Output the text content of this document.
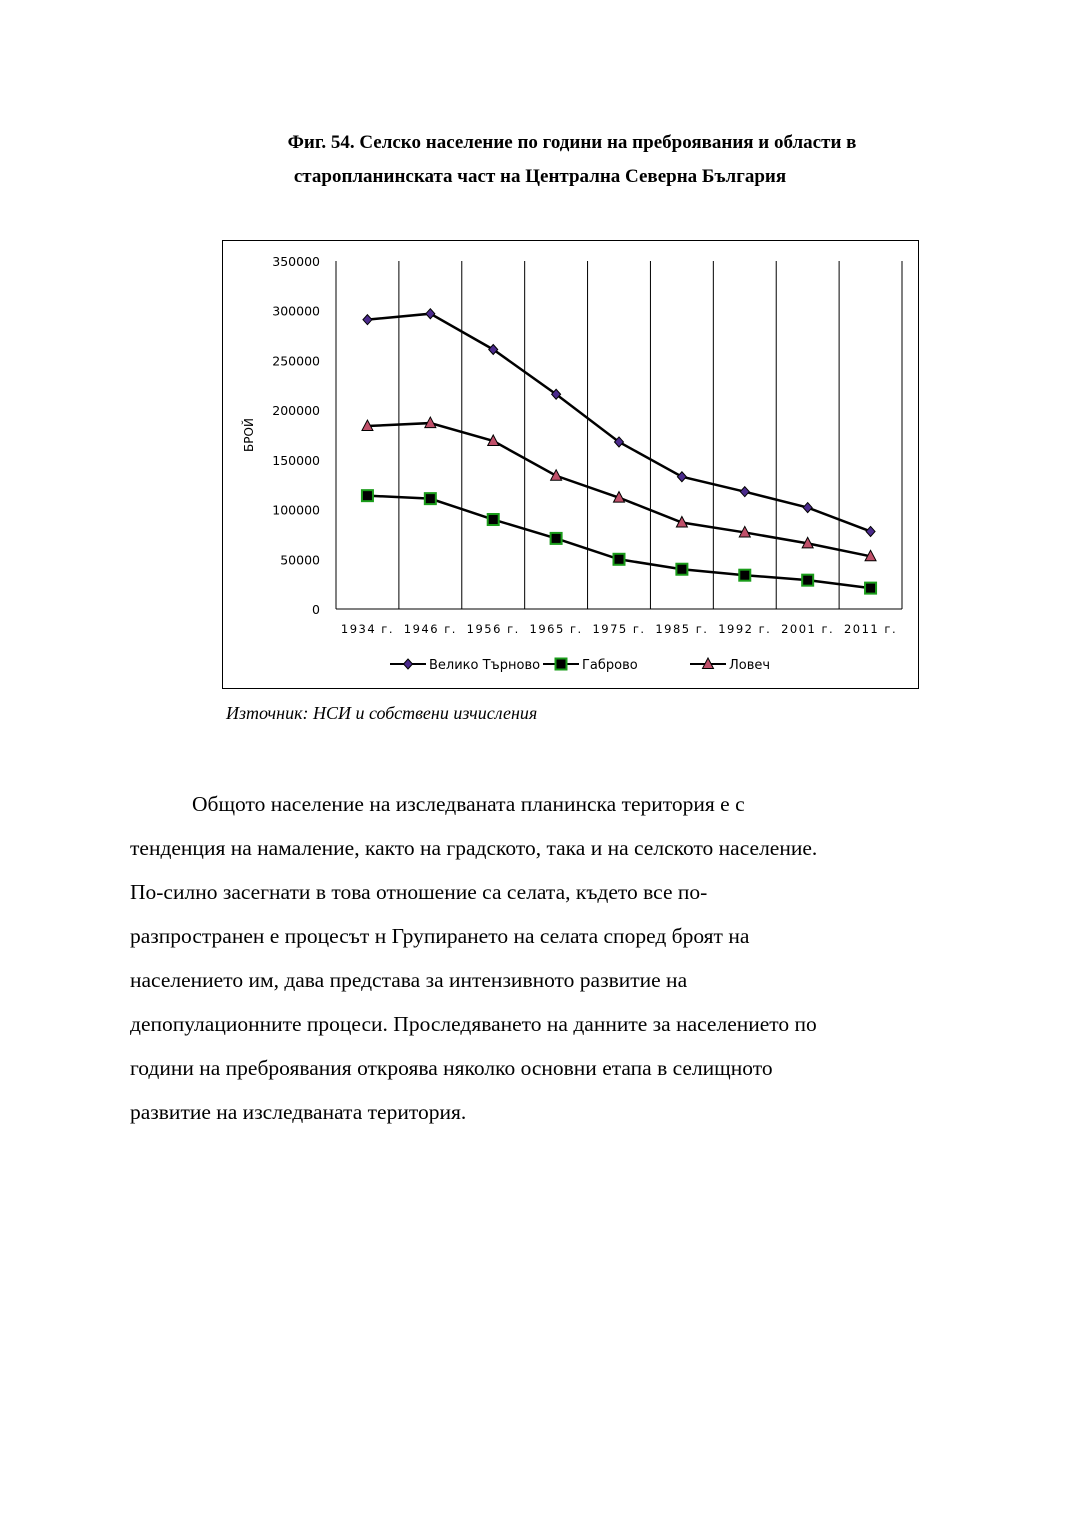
Фиг. 54. Селско население по години на преброявания и области в
старопланинската част на Централна Северна България
350000
300000
250000
200000
150000
100000
50000
0
БРОЙ
1934 г. 1946 г. 1956 г. 1965 г. 1975 г. 1985 г. 1992 г. 2001 г. 2011 г.
Велико Търново	Габрово	Ловеч
Източник: НСИ и собствени изчисления
Общото население на изследваната планинска територия е с
тенденция на намаление, както на градското, така и на селското население.
По-силно засегнати в това отношение са селата, където все по-
разпространен е процесът н Групирането на селата според броят на
населението им, дава представа за интензивното развитие на
депопулационните процеси. Проследяването на данните за населението по
години на преброявания откроява няколко основни етапа в селищното
развитие на изследваната територия.
